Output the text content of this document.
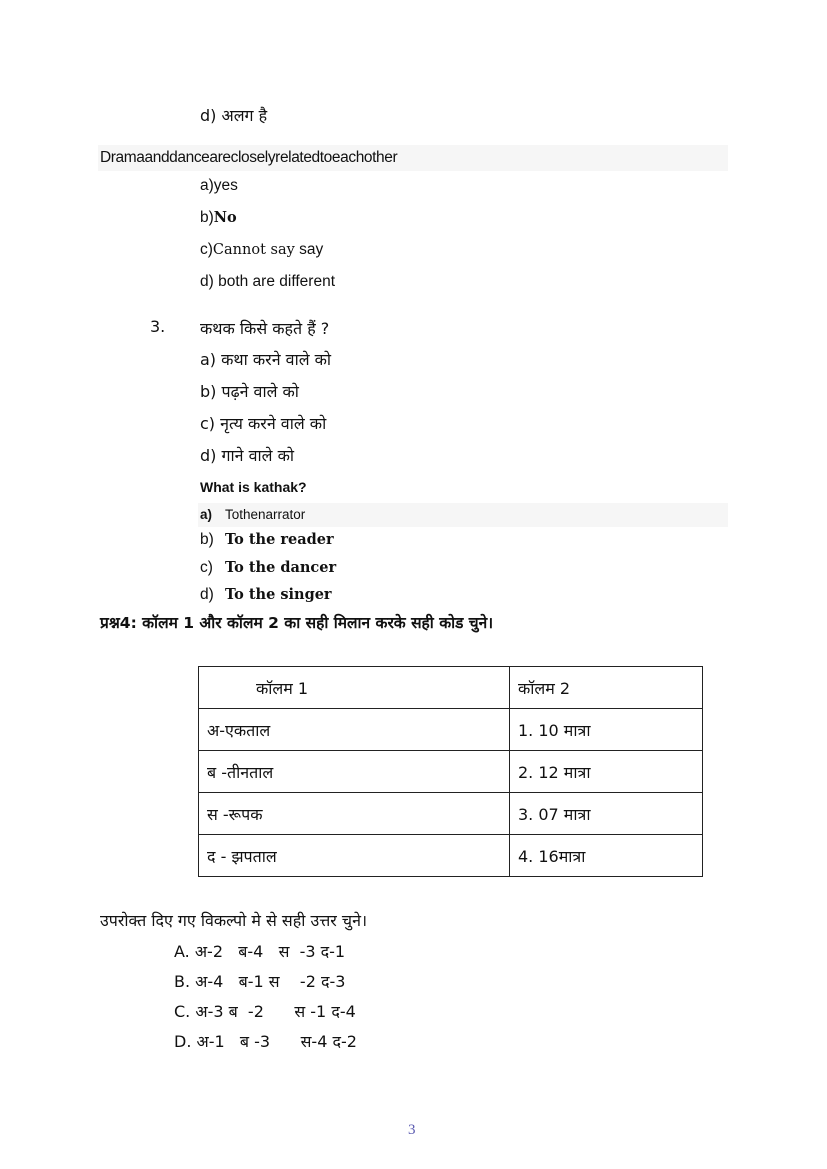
d) अलग है
Dramaanddancearecloselyrelatedtoeachother
a)yes
b)No
c)Cannot say say
d) both are different
3. कथक किसे कहते हैं ?
a) कथा करने वाले को
b) पढ़ने वाले को
c) नृत्य करने वाले को
d) गाने वाले को
What is kathak?
a) Tothenarrator
b) To the reader
c) To the dancer
d) To the singer
प्रश्न4: कॉलम 1 और कॉलम 2 का सही मिलान करके सही कोड चुने।
कॉलम 1	कॉलम 2
अ-एकताल	1. 10 मात्रा
ब -तीनताल	2. 12 मात्रा
स -रूपक	3. 07 मात्रा
द - झपताल	4. 16मात्रा
उपरोक्त दिए गए विकल्पो मे से सही उत्तर चुने।
A. अ-2   ब-4   स  -3 द-1
B. अ-4   ब-1 स    -2 द-3
C. अ-3 ब  -2      स -1 द-4
D. अ-1   ब -3      स-4 द-2
3
